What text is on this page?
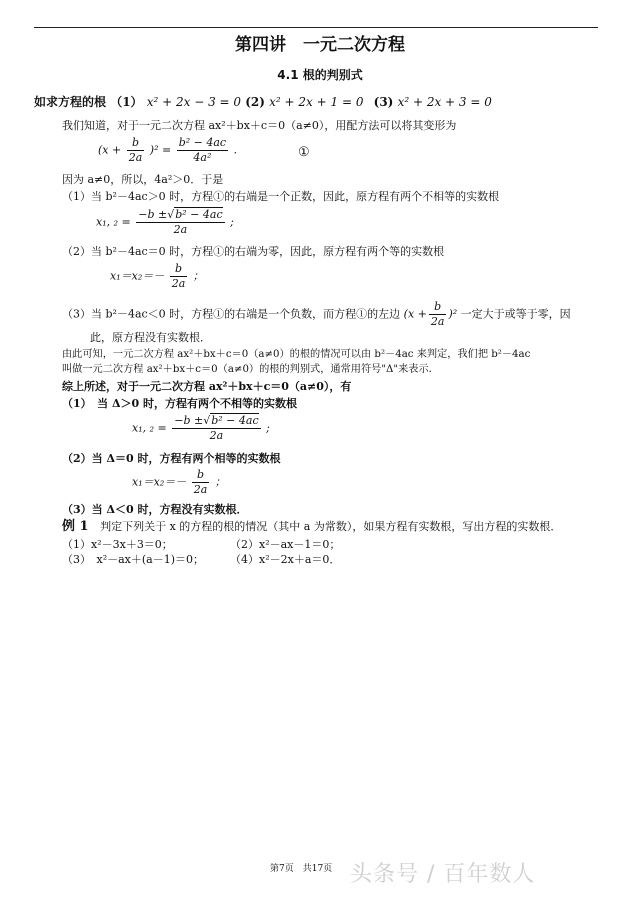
第四讲　一元二次方程
4.1 根的判别式
如求方程的根 （1） x² + 2x − 3 = 0 (2) x² + 2x + 1 = 0 (3) x² + 2x + 3 = 0
我们知道，对于一元二次方程 ax²＋bx＋c＝0（a≠0），用配方法可以将其变形为
$(x + \frac{b}{2a} )^2 = \frac{\text{b² − 4ac}}{\text{4a²}}$ .	①
因为 a≠0，所以，4a²＞0．于是
（1）当 b²－4ac＞0 时，方程①的右端是一个正数，因此，原方程有两个不相等的实数根
x₁, $_2 = \frac{\text{−b ±√b² − 4ac}}{2a}$ ;
（2）当 b²－4ac＝0 时，方程①的右端为零，因此，原方程有两个等的实数根
$x_1=x_2=- \frac{b}{2a}$ ；
（3）当 b²－4ac＜0 时，方程①的右端是一个负数，而方程①的左边 $(x + \frac{b}{2a} )^2$ 一定大于或等于零，因
此，原方程没有实数根．
由此可知，一元二次方程 ax²＋bx＋c＝0（a≠0）的根的情况可以由 b²－4ac 来判定，我们把 b²－4ac
叫做一元二次方程 ax²＋bx＋c＝0（a≠0）的根的判别式，通常用符号"Δ"来表示．
综上所述，对于一元二次方程 ax²＋bx＋c＝0（a≠0），有
（1）　当 Δ＞0 时，方程有两个不相等的实数根
x₁, $_2 = \frac{\text{−b ±√b² − 4ac}}{2a}$ ;
（2）当 Δ＝0 时，方程有两个相等的实数根
$x_1=x_2=- \frac{b}{2a}$ ；
（3）当 Δ＜0 时，方程没有实数根．
例 1 判定下列关于 x 的方程的根的情况（其中 a 为常数），如果方程有实数根，写出方程的实数根．
（1）x²－3x＋3＝0；	（2）x²－ax－1＝0；
（3）　x²－ax＋(a－1)＝0； （4）x²－2x＋a＝0．
第7页　共17页 头条号 / 百年数人
